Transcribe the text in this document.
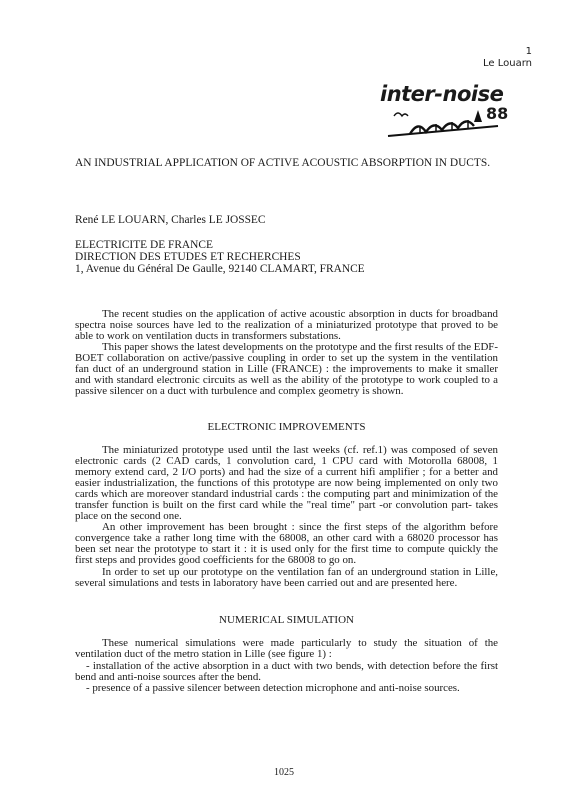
1
Le Louarn
inter-noise
88
AN INDUSTRIAL APPLICATION OF ACTIVE ACOUSTIC ABSORPTION IN DUCTS.
René LE LOUARN, Charles LE JOSSEC
ELECTRICITE DE FRANCE
DIRECTION DES ETUDES ET RECHERCHES
1, Avenue du Général De Gaulle, 92140 CLAMART, FRANCE

The recent studies on the application of active acoustic absorption in ducts for broadband spectra noise sources have led to the realization of a miniaturized prototype that proved to be able to work on ventilation ducts in transformers substations.

This paper shows the latest developments on the prototype and the first results of the EDF-BOET collaboration on active/passive coupling in order to set up the system in the ventilation fan duct of an underground station in Lille (FRANCE) : the improvements to make it smaller and with standard electronic circuits as well as the ability of the prototype to work coupled to a passive silencer on a duct with turbulence and complex geometry is shown.

ELECTRONIC IMPROVEMENTS

The miniaturized prototype used until the last weeks (cf. ref.1) was composed of seven electronic cards (2 CAD cards, 1 convolution card, 1 CPU card with Motorolla 68008, 1 memory extend card, 2 I/O ports) and had the size of a current hifi amplifier ; for a better and easier industrialization, the functions of this prototype are now being implemented on only two cards which are moreover standard industrial cards : the computing part and minimization of the transfer function is built on the first card while the "real time" part -or convolution part- takes place on the second one.

An other improvement has been brought : since the first steps of the algorithm before convergence take a rather long time with the 68008, an other card with a 68020 processor has been set near the prototype to start it : it is used only for the first time to compute quickly the first steps and provides good coefficients for the 68008 to go on.

In order to set up our prototype on the ventilation fan of an underground station in Lille, several simulations and tests in laboratory have been carried out and are presented here.

NUMERICAL SIMULATION

These numerical simulations were made particularly to study the situation of the ventilation duct of the metro station in Lille (see figure 1) :

- installation of the active absorption in a duct with two bends, with detection before the first bend and anti-noise sources after the bend.

- presence of a passive silencer between detection microphone and anti-noise sources.

1025
